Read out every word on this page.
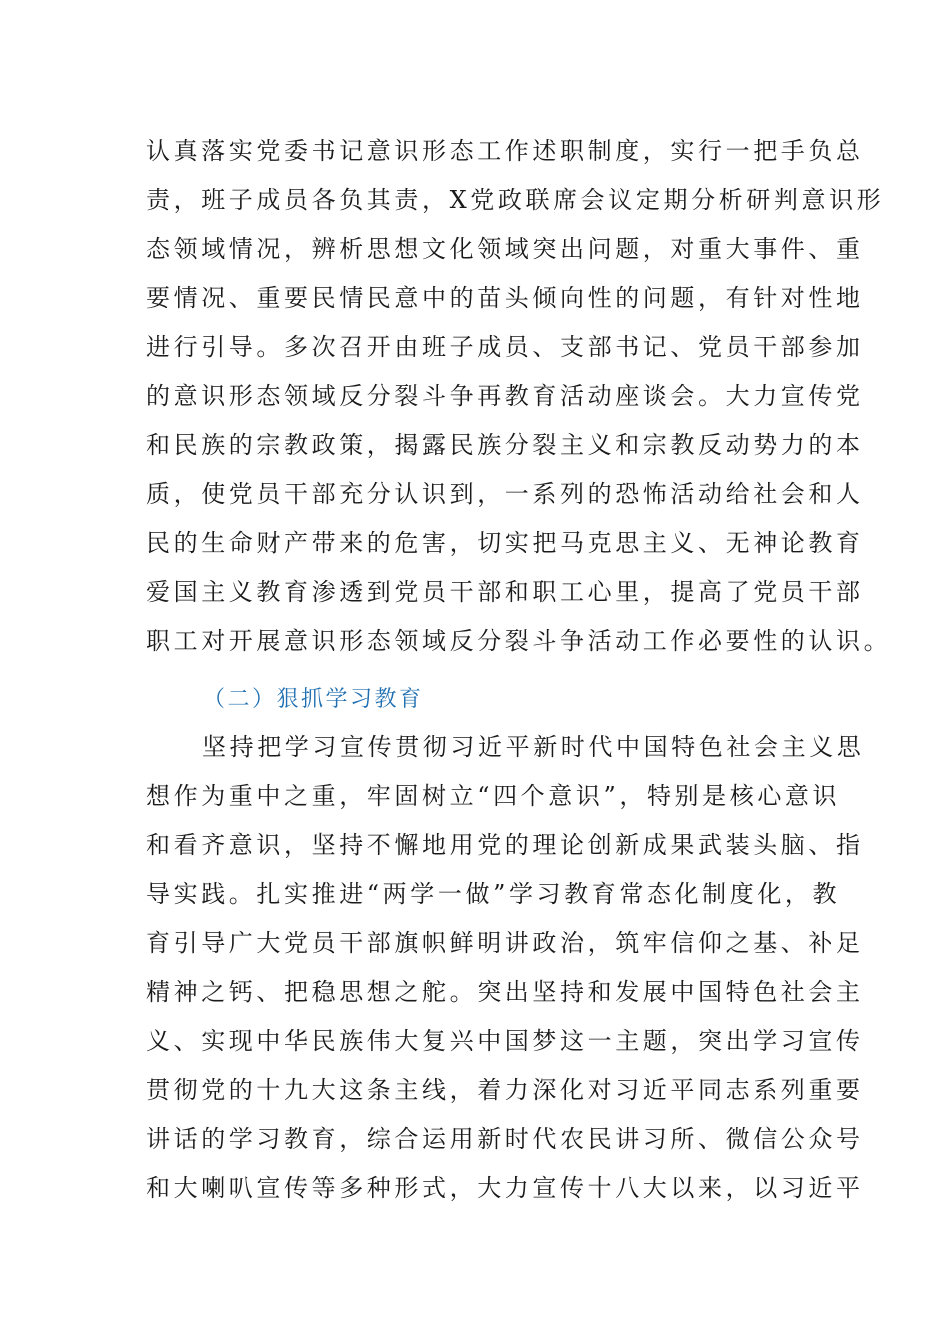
认真落实党委书记意识形态工作述职制度，实行一把手负总
责，班子成员各负其责，X党政联席会议定期分析研判意识形
态领域情况，辨析思想文化领域突出问题，对重大事件、重
要情况、重要民情民意中的苗头倾向性的问题，有针对性地
进行引导。多次召开由班子成员、支部书记、党员干部参加
的意识形态领域反分裂斗争再教育活动座谈会。大力宣传党
和民族的宗教政策，揭露民族分裂主义和宗教反动势力的本
质，使党员干部充分认识到，一系列的恐怖活动给社会和人
民的生命财产带来的危害，切实把马克思主义、无神论教育
爱国主义教育渗透到党员干部和职工心里，提高了党员干部
职工对开展意识形态领域反分裂斗争活动工作必要性的认识。
（二）狠抓学习教育
坚持把学习宣传贯彻习近平新时代中国特色社会主义思
想作为重中之重，牢固树立“四个意识”，特别是核心意识
和看齐意识，坚持不懈地用党的理论创新成果武装头脑、指
导实践。扎实推进“两学一做”学习教育常态化制度化，教
育引导广大党员干部旗帜鲜明讲政治，筑牢信仰之基、补足
精神之钙、把稳思想之舵。突出坚持和发展中国特色社会主
义、实现中华民族伟大复兴中国梦这一主题，突出学习宣传
贯彻党的十九大这条主线，着力深化对习近平同志系列重要
讲话的学习教育，综合运用新时代农民讲习所、微信公众号
和大喇叭宣传等多种形式，大力宣传十八大以来，以习近平
